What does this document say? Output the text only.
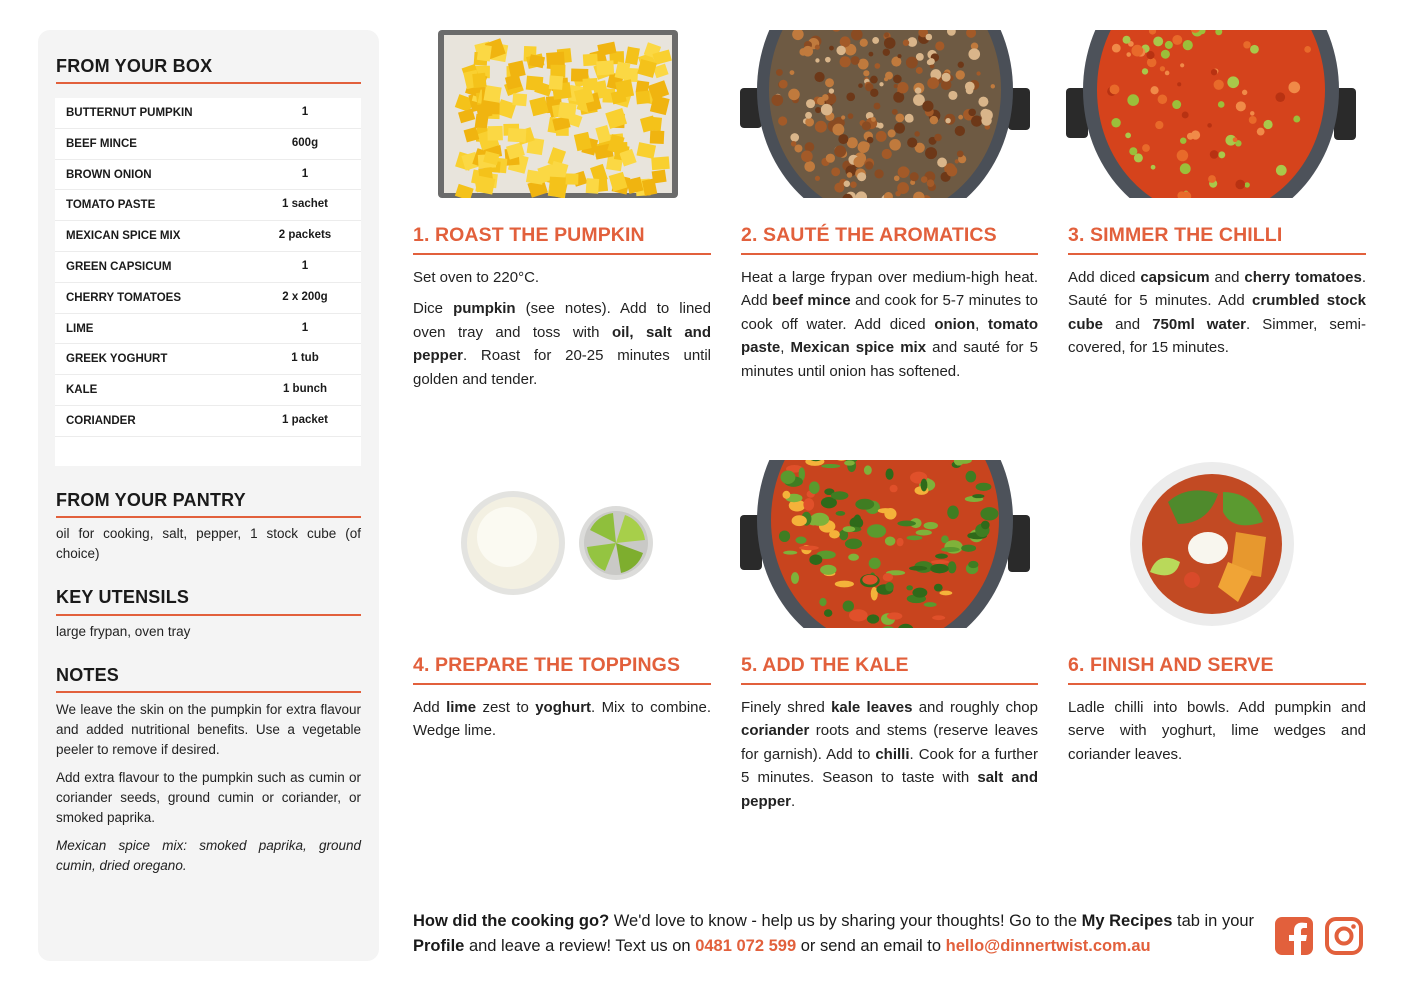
FROM YOUR BOX
BUTTERNUT PUMPKIN	1
BEEF MINCE	600g
BROWN ONION	1
TOMATO PASTE	1 sachet
MEXICAN SPICE MIX	2 packets
GREEN CAPSICUM	1
CHERRY TOMATOES	2 x 200g
LIME	1
GREEK YOGHURT	1 tub
KALE	1 bunch
CORIANDER	1 packet
FROM YOUR PANTRY
oil for cooking, salt, pepper, 1 stock cube (of choice)
KEY UTENSILS
large frypan, oven tray
NOTES
We leave the skin on the pumpkin for extra flavour and added nutritional benefits. Use a vegetable peeler to remove if desired.
Add extra flavour to the pumpkin such as cumin or coriander seeds, ground cumin or coriander, or smoked paprika.
Mexican spice mix: smoked paprika, ground cumin, dried oregano.
1. ROAST THE PUMPKIN	2. SAUTÉ THE AROMATICS	3. SIMMER THE CHILLI
4. PREPARE THE TOPPINGS	5. ADD THE KALE	6. FINISH AND SERVE

Set oven to 220°C.

Dice pumpkin (see notes). Add to lined oven tray and toss with oil, salt and pepper. Roast for 20-25 minutes until golden and tender.

Heat a large frypan over medium-high heat. Add beef mince and cook for 5-7 minutes to cook off water. Add diced onion, tomato paste, Mexican spice mix and sauté for 5 minutes until onion has softened.

Add diced capsicum and cherry tomatoes. Sauté for 5 minutes. Add crumbled stock cube and 750ml water. Simmer, semi-covered, for 15 minutes.

Add lime zest to yoghurt. Mix to combine. Wedge lime.

Finely shred kale leaves and roughly chop coriander roots and stems (reserve leaves for garnish). Add to chilli. Cook for a further 5 minutes. Season to taste with salt and pepper.

Ladle chilli into bowls. Add pumpkin and serve with yoghurt, lime wedges and coriander leaves.

How did the cooking go? We'd love to know - help us by sharing your thoughts! Go to the My Recipes tab in your Profile and leave a review! Text us on 0481 072 599 or send an email to hello@dinnertwist.com.au
